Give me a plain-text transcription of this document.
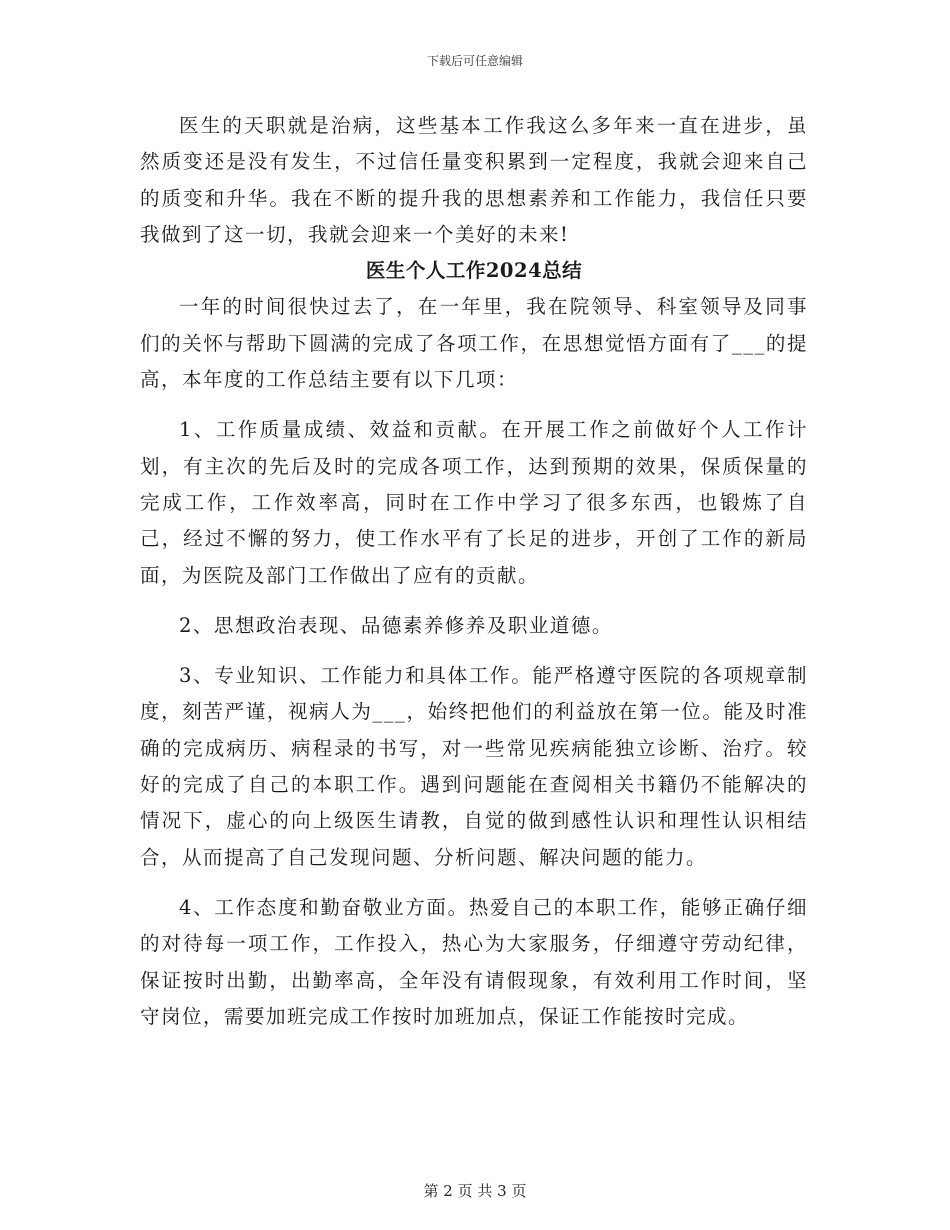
下载后可任意编辑

医生的天职就是治病，这些基本工作我这么多年来一直在进步，虽然质变还是没有发生，不过信任量变积累到一定程度，我就会迎来自己的质变和升华。我在不断的提升我的思想素养和工作能力，我信任只要我做到了这一切，我就会迎来一个美好的未来!

医生个人工作2024总结

一年的时间很快过去了，在一年里，我在院领导、科室领导及同事们的关怀与帮助下圆满的完成了各项工作，在思想觉悟方面有了___的提高，本年度的工作总结主要有以下几项：

1、工作质量成绩、效益和贡献。在开展工作之前做好个人工作计划，有主次的先后及时的完成各项工作，达到预期的效果，保质保量的完成工作，工作效率高，同时在工作中学习了很多东西，也锻炼了自己，经过不懈的努力，使工作水平有了长足的进步，开创了工作的新局面，为医院及部门工作做出了应有的贡献。

2、思想政治表现、品德素养修养及职业道德。

3、专业知识、工作能力和具体工作。能严格遵守医院的各项规章制度，刻苦严谨，视病人为___，始终把他们的利益放在第一位。能及时准确的完成病历、病程录的书写，对一些常见疾病能独立诊断、治疗。较好的完成了自己的本职工作。遇到问题能在查阅相关书籍仍不能解决的情况下，虚心的向上级医生请教，自觉的做到感性认识和理性认识相结合，从而提高了自己发现问题、分析问题、解决问题的能力。

4、工作态度和勤奋敬业方面。热爱自己的本职工作，能够正确仔细的对待每一项工作，工作投入，热心为大家服务，仔细遵守劳动纪律，保证按时出勤，出勤率高，全年没有请假现象，有效利用工作时间，坚守岗位，需要加班完成工作按时加班加点，保证工作能按时完成。

第 2 页 共 3 页
